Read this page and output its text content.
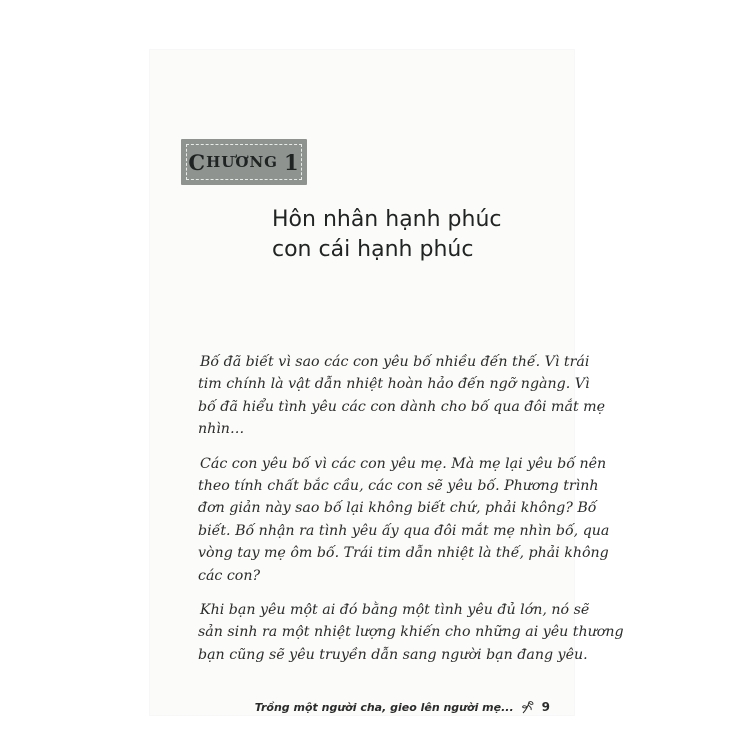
C HƯƠNG 1
Hôn nhân hạnh phúc
con cái hạnh phúc

Bố đã biết vì sao các con yêu bố nhiều đến thế. Vì trái
tim chính là vật dẫn nhiệt hoàn hảo đến ngỡ ngàng. Vì
bố đã hiểu tình yêu các con dành cho bố qua đôi mắt mẹ
nhìn…

Các con yêu bố vì các con yêu mẹ. Mà mẹ lại yêu bố nên
theo tính chất bắc cầu, các con sẽ yêu bố. Phương trình
đơn giản này sao bố lại không biết chứ, phải không? Bố
biết. Bố nhận ra tình yêu ấy qua đôi mắt mẹ nhìn bố, qua
vòng tay mẹ ôm bố. Trái tim dẫn nhiệt là thế, phải không
các con?

Khi bạn yêu một ai đó bằng một tình yêu đủ lớn, nó sẽ
sản sinh ra một nhiệt lượng khiến cho những ai yêu thương
bạn cũng sẽ yêu truyền dẫn sang người bạn đang yêu.

Trồng một người cha, gieo lên người mẹ... 9
